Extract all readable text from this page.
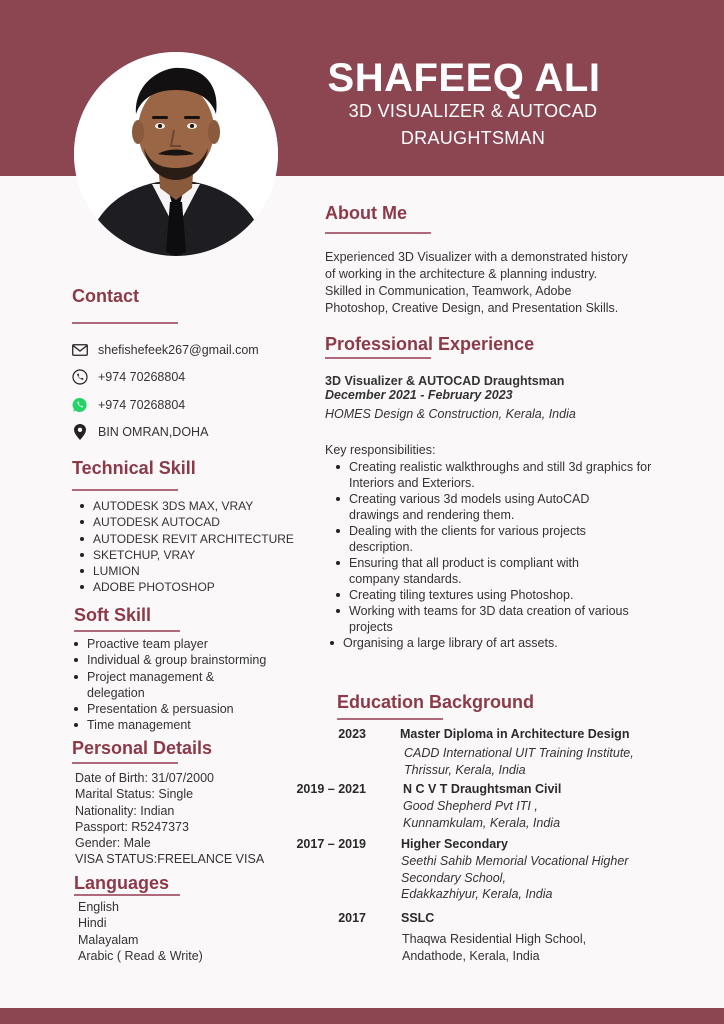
SHAFEEQ ALI
3D VISUALIZER & AUTOCAD
DRAUGHTSMAN
About Me
Experienced 3D Visualizer with a demonstrated history
of working in the architecture & planning industry.
Skilled in Communication, Teamwork, Adobe
Photoshop, Creative Design, and Presentation Skills.
Contact
shefishefeek267@gmail.com
+974 70268804
+974 70268804
BIN OMRAN,DOHA
Technical Skill
AUTODESK 3DS MAX, VRAY
AUTODESK AUTOCAD
AUTODESK REVIT ARCHITECTURE
SKETCHUP, VRAY
LUMION
ADOBE PHOTOSHOP
Soft Skill
Proactive team player
Individual & group brainstorming
Project management & delegation
Presentation & persuasion
Time management
Personal Details
Date of Birth: 31/07/2000
Marital Status: Single
Nationality: Indian
Passport: R5247373
Gender: Male
VISA STATUS:FREELANCE VISA
Languages
English
Hindi
Malayalam
Arabic ( Read & Write)
Professional Experience
3D Visualizer & AUTOCAD Draughtsman
December 2021 - February 2023
HOMES Design & Construction, Kerala, India
Key responsibilities:
Creating realistic walkthroughs and still 3d graphics for Interiors and Exteriors.
Creating various 3d models using AutoCAD drawings and rendering them.
Dealing with the clients for various projects description.
Ensuring that all product is compliant with company standards.
Creating tiling textures using Photoshop.
Working with teams for 3D data creation of various projects
Organising a large library of art assets.
Education Background
2023	Master Diploma in Architecture Design
CADD International UIT Training Institute,
Thrissur, Kerala, India
2019 – 2021	N C V T Draughtsman Civil
Good Shepherd Pvt ITI ,
Kunnamkulam, Kerala, India
2017 – 2019	Higher Secondary
Seethi Sahib Memorial Vocational Higher
Secondary School,
Edakkazhiyur, Kerala, India
2017	SSLC
Thaqwa Residential High School,
Andathode, Kerala, India
